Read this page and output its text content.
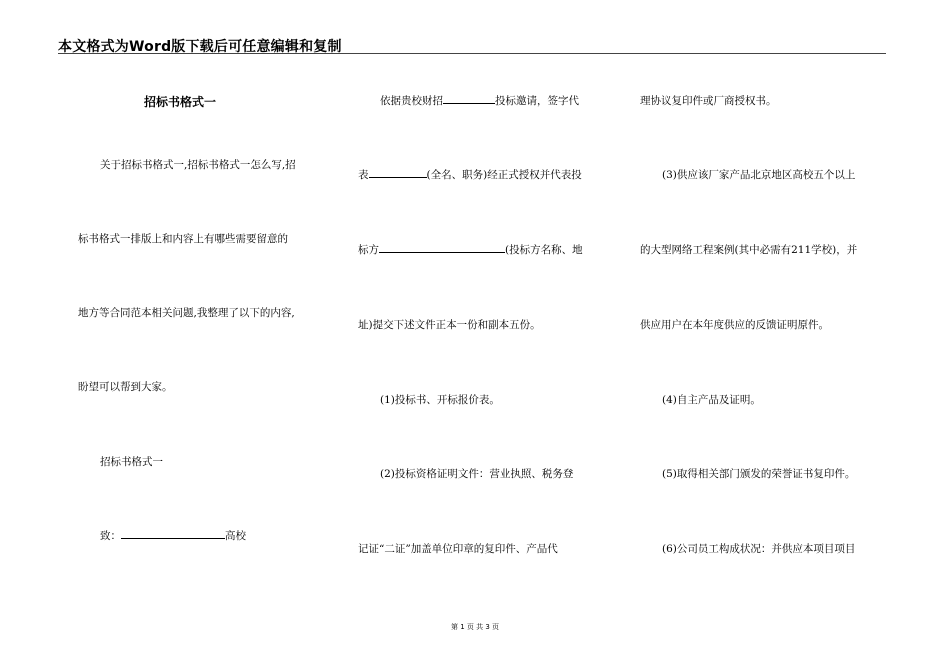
本文格式为Word版下载后可任意编辑和复制
招标书格式一
关于招标书格式一,招标书格式一怎么写,招
标书格式一排版上和内容上有哪些需要留意的
地方等合同范本相关问题,我整理了以下的内容,
盼望可以帮到大家。
招标书格式一
致：	高校
依据贵校财招	投标邀请，签字代
表	(全名、职务)经正式授权并代表投
标方	(投标方名称、地
址)提交下述文件正本一份和副本五份。
(1)投标书、开标报价表。
(2)投标资格证明文件：营业执照、税务登
记证“二证”加盖单位印章的复印件、产品代
理协议复印件或厂商授权书。
(3)供应该厂家产品北京地区高校五个以上
的大型网络工程案例(其中必需有211学校)，并
供应用户在本年度供应的反馈证明原件。
(4)自主产品及证明。
(5)取得相关部门颁发的荣誉证书复印件。
(6)公司员工构成状况：并供应本项目项目
第 1 页 共 3 页
